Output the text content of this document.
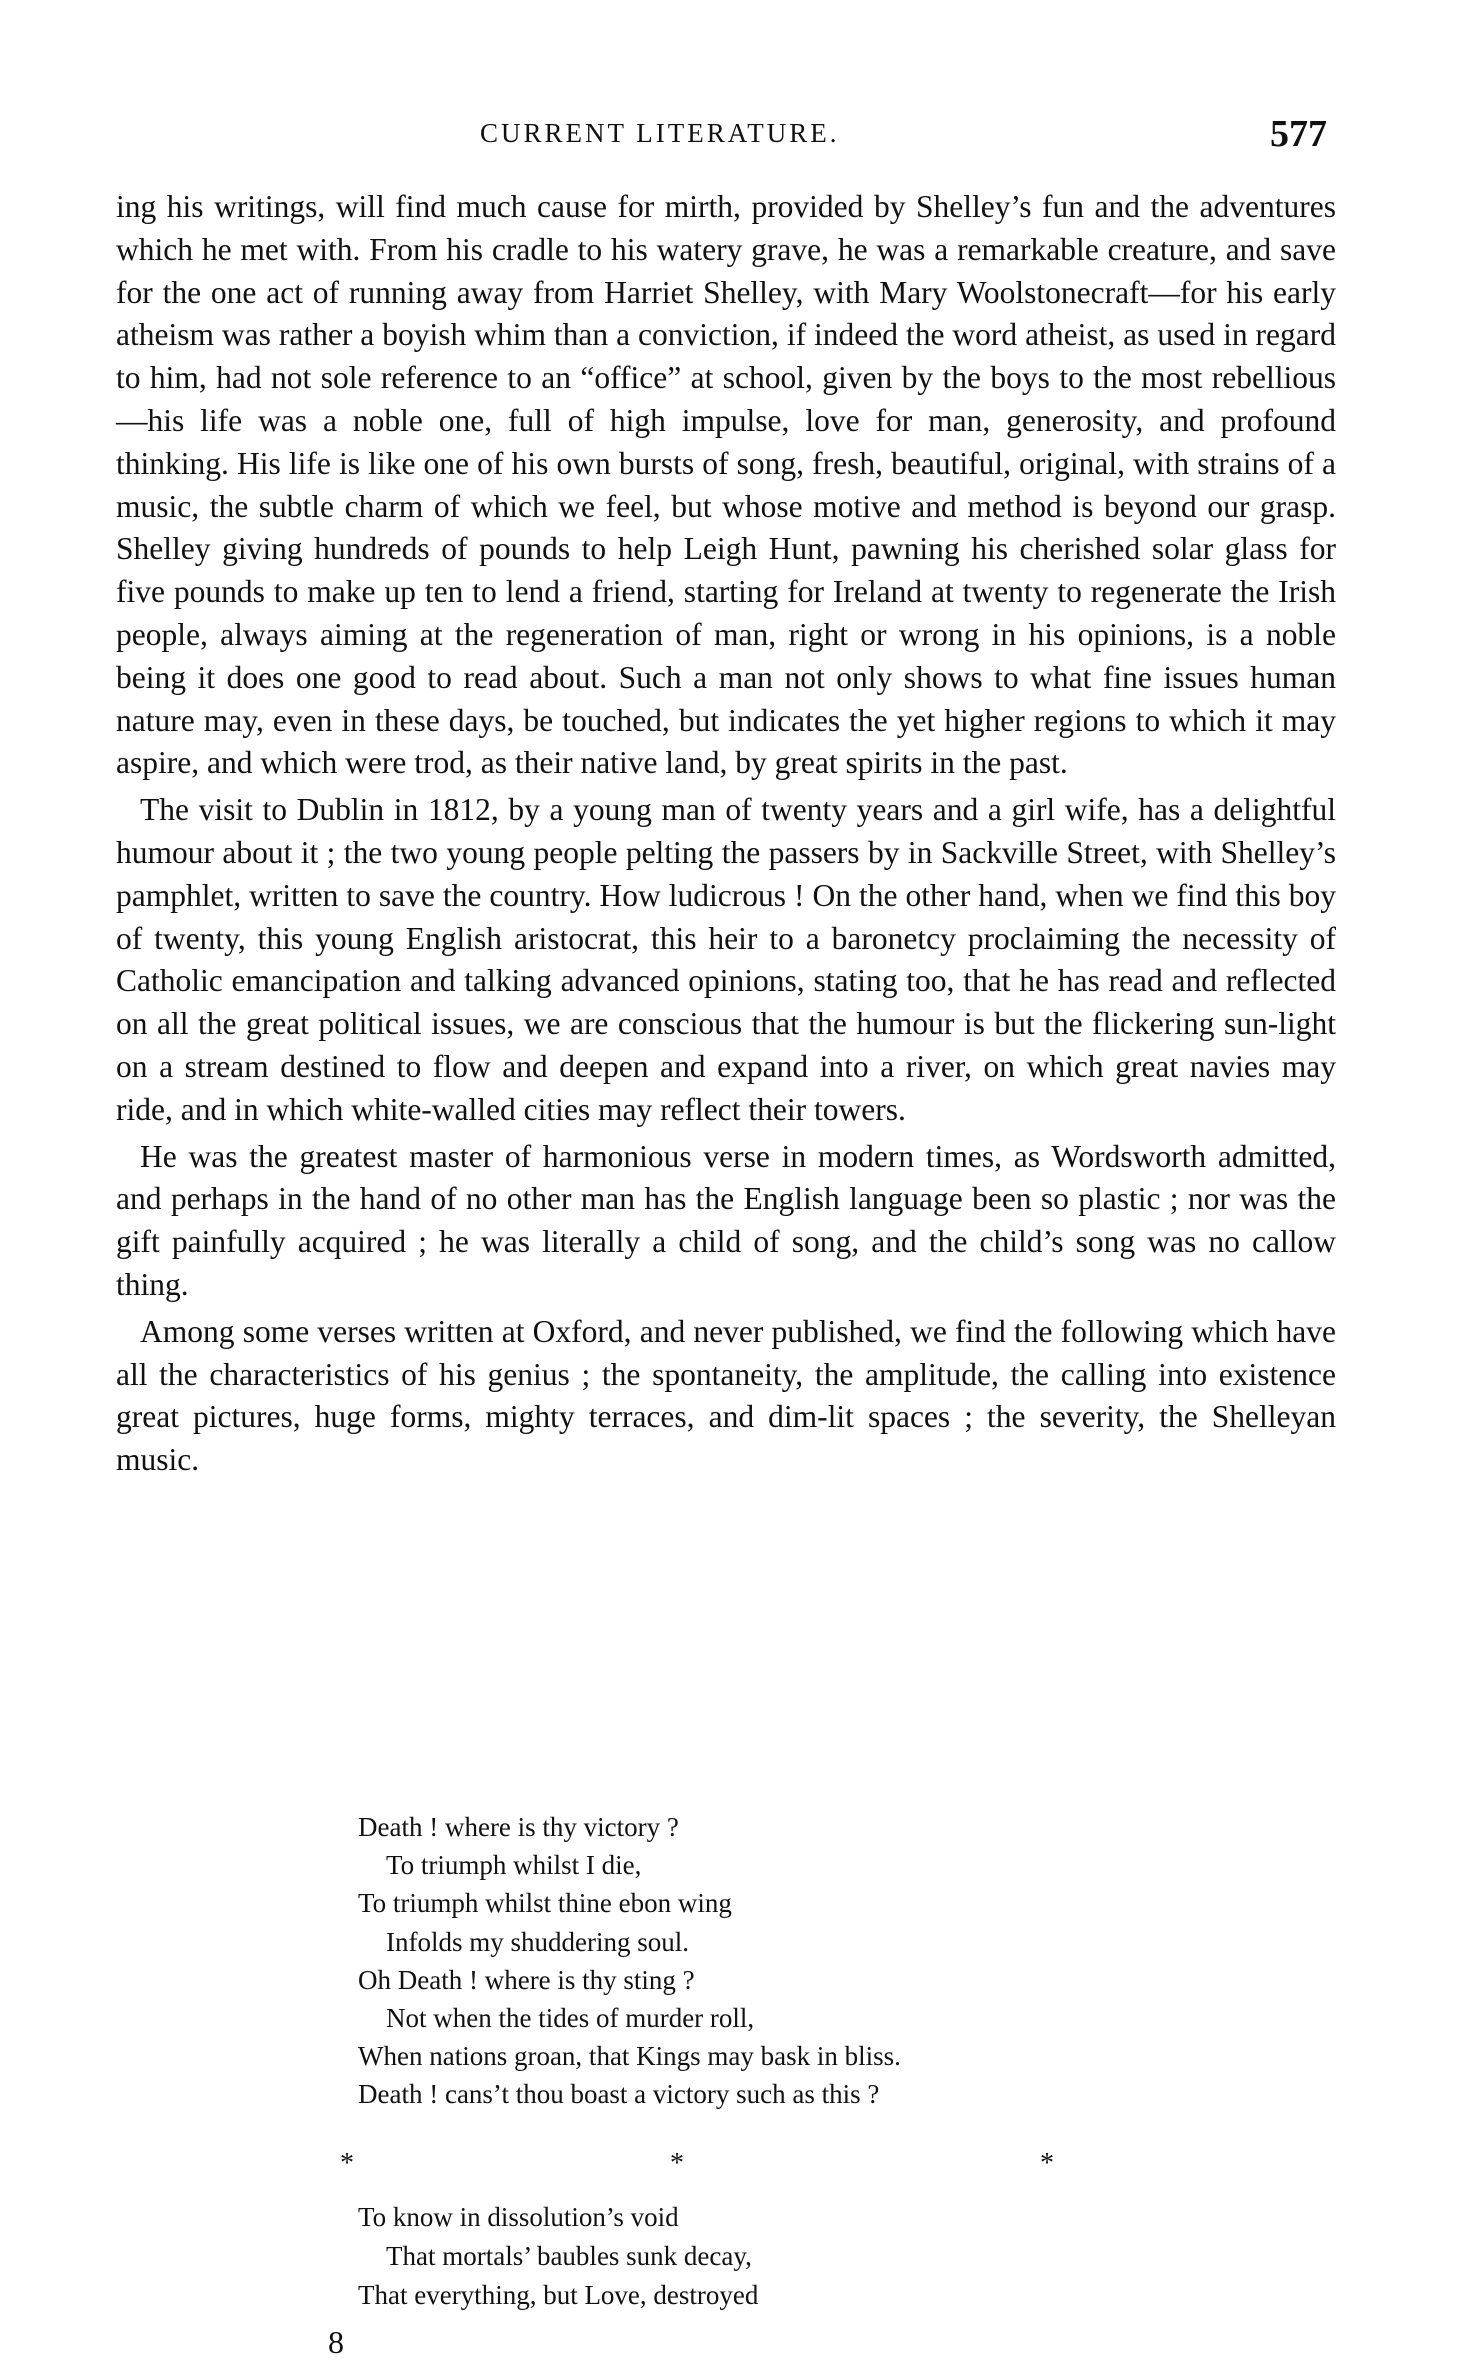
CURRENT LITERATURE.	577

ing his writings, will find much cause for mirth, provided by Shelley’s fun and the adventures which he met with. From his cradle to his watery grave, he was a remarkable creature, and save for the one act of running away from Harriet Shelley, with Mary Woolstonecraft—for his early atheism was rather a boyish whim than a conviction, if indeed the word atheist, as used in regard to him, had not sole reference to an “office” at school, given by the boys to the most rebellious—his life was a noble one, full of high impulse, love for man, generosity, and profound thinking. His life is like one of his own bursts of song, fresh, beautiful, original, with strains of a music, the subtle charm of which we feel, but whose motive and method is beyond our grasp. Shelley giving hundreds of pounds to help Leigh Hunt, pawning his cherished solar glass for five pounds to make up ten to lend a friend, starting for Ireland at twenty to regenerate the Irish people, always aiming at the regeneration of man, right or wrong in his opinions, is a noble being it does one good to read about. Such a man not only shows to what fine issues human nature may, even in these days, be touched, but indicates the yet higher regions to which it may aspire, and which were trod, as their native land, by great spirits in the past.

The visit to Dublin in 1812, by a young man of twenty years and a girl wife, has a delightful humour about it ; the two young people pelting the passers by in Sackville Street, with Shelley’s pamphlet, written to save the country. How ludicrous ! On the other hand, when we find this boy of twenty, this young English aristocrat, this heir to a baronetcy proclaiming the necessity of Catholic emancipation and talking advanced opinions, stating too, that he has read and reflected on all the great political issues, we are conscious that the humour is but the flickering sun-light on a stream destined to flow and deepen and expand into a river, on which great navies may ride, and in which white-walled cities may reflect their towers.

He was the greatest master of harmonious verse in modern times, as Wordsworth admitted, and perhaps in the hand of no other man has the English language been so plastic ; nor was the gift painfully acquired ; he was literally a child of song, and the child’s song was no callow thing.

Among some verses written at Oxford, and never published, we find the following which have all the characteristics of his genius ; the spontaneity, the amplitude, the calling into existence great pictures, huge forms, mighty terraces, and dim-lit spaces ; the severity, the Shelleyan music.

Death ! where is thy victory ?
To triumph whilst I die,
To triumph whilst thine ebon wing
Infolds my shuddering soul.
Oh Death ! where is thy sting ?
Not when the tides of murder roll,
When nations groan, that Kings may bask in bliss.
Death ! cans’t thou boast a victory such as this ?
*	*	*
To know in dissolution’s void
That mortals’ baubles sunk decay,
That everything, but Love, destroyed
8
